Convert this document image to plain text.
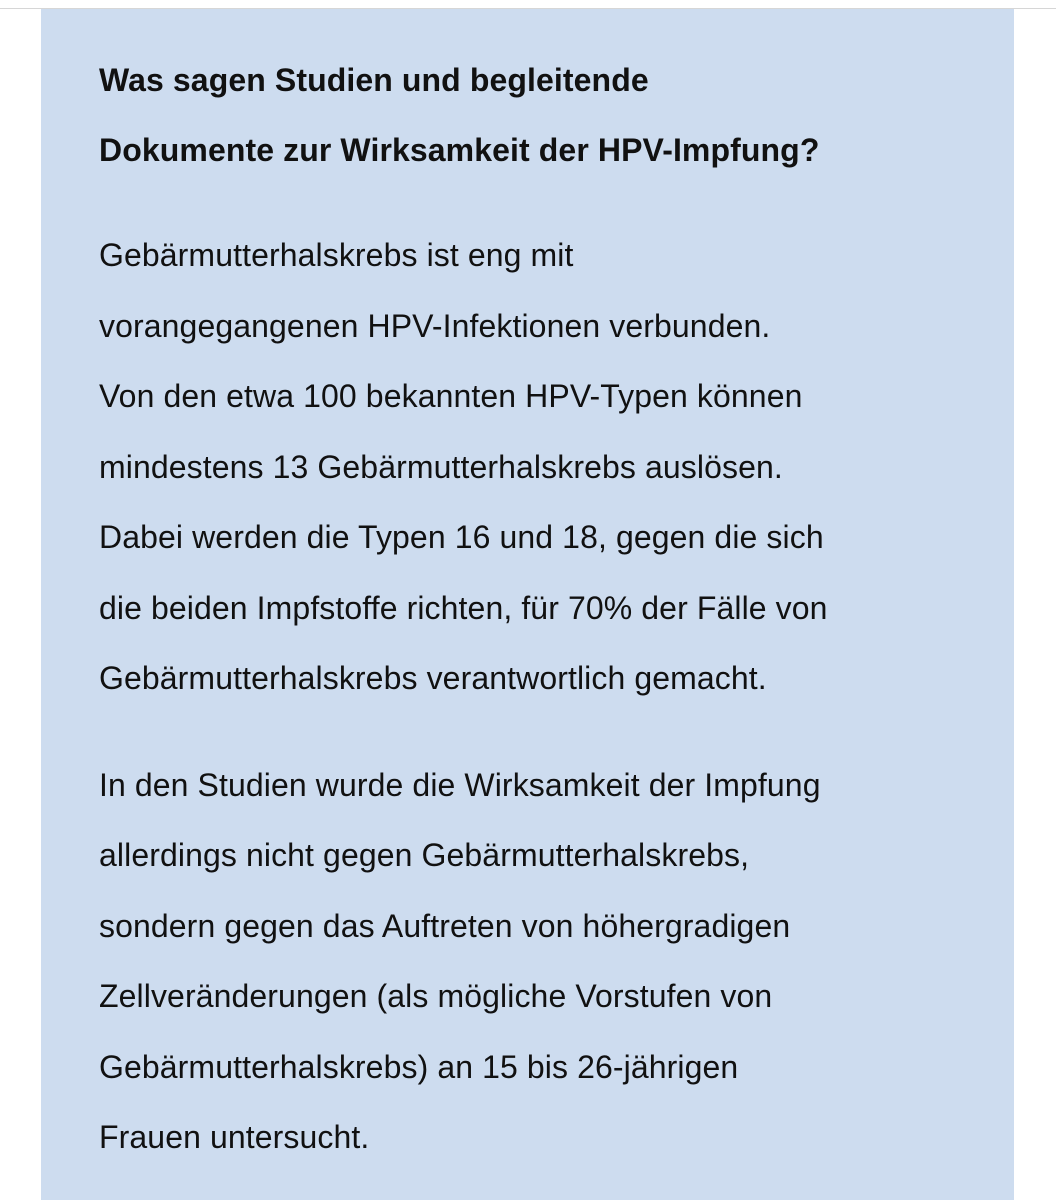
Was sagen Studien und begleitende
Dokumente zur Wirksamkeit der HPV-Impfung?

Gebärmutterhalskrebs ist eng mit
vorangegangenen HPV-Infektionen verbunden.
Von den etwa 100 bekannten HPV-Typen können
mindestens 13 Gebärmutterhalskrebs auslösen.
Dabei werden die Typen 16 und 18, gegen die sich
die beiden Impfstoffe richten, für 70% der Fälle von
Gebärmutterhalskrebs verantwortlich gemacht.

In den Studien wurde die Wirksamkeit der Impfung
allerdings nicht gegen Gebärmutterhalskrebs,
sondern gegen das Auftreten von höhergradigen
Zellveränderungen (als mögliche Vorstufen von
Gebärmutterhalskrebs) an 15 bis 26-jährigen
Frauen untersucht.
